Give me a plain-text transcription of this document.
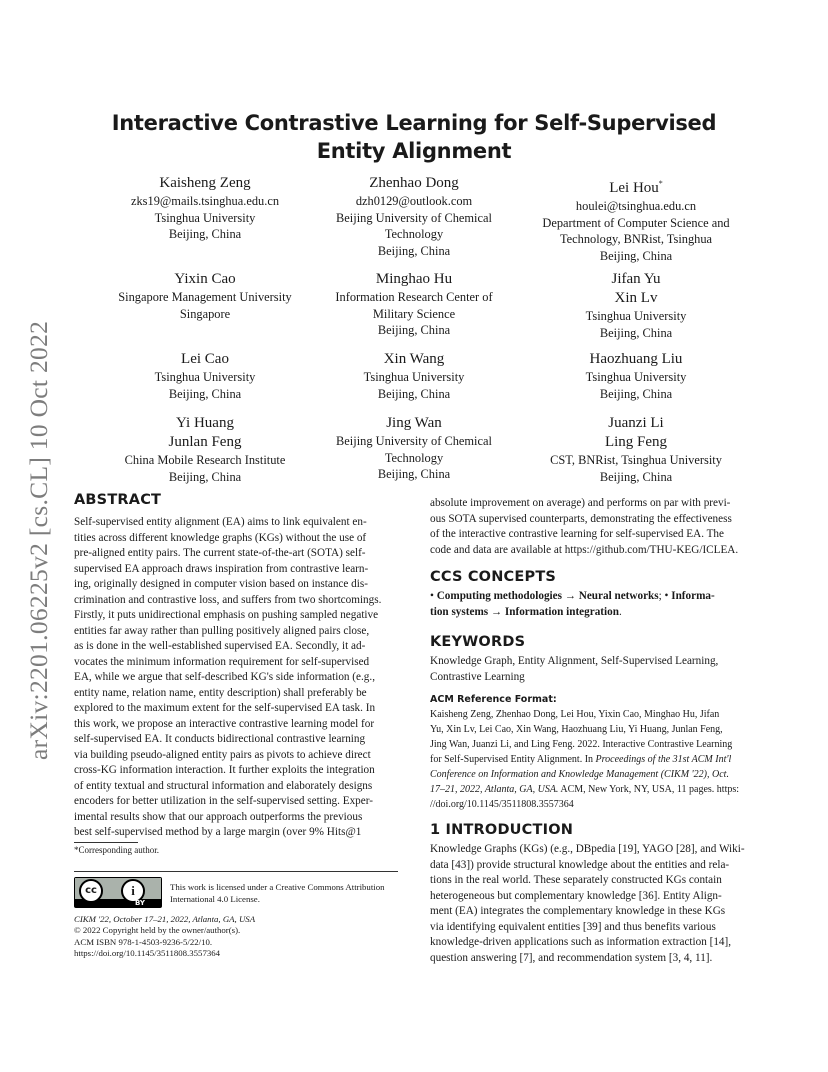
arXiv:2201.06225v2 [cs.CL] 10 Oct 2022
Interactive Contrastive Learning for Self-Supervised
Entity Alignment
Kaisheng Zeng
zks19@mails.tsinghua.edu.cn
Tsinghua University
Beijing, China
Zhenhao Dong
dzh0129@outlook.com
Beijing University of Chemical
Technology
Beijing, China
Lei Hou*
houlei@tsinghua.edu.cn
Department of Computer Science and
Technology, BNRist, Tsinghua
Beijing, China
Yixin Cao
Singapore Management University
Singapore
Minghao Hu
Information Research Center of
Military Science
Beijing, China
Jifan Yu
Xin Lv
Tsinghua University
Beijing, China
Lei Cao
Tsinghua University
Beijing, China
Xin Wang
Tsinghua University
Beijing, China
Haozhuang Liu
Tsinghua University
Beijing, China
Yi Huang
Junlan Feng
China Mobile Research Institute
Beijing, China
Jing Wan
Beijing University of Chemical
Technology
Beijing, China
Juanzi Li
Ling Feng
CST, BNRist, Tsinghua University
Beijing, China
ABSTRACT
Self-supervised entity alignment (EA) aims to link equivalent en-
tities across different knowledge graphs (KGs) without the use of
pre-aligned entity pairs. The current state-of-the-art (SOTA) self-
supervised EA approach draws inspiration from contrastive learn-
ing, originally designed in computer vision based on instance dis-
crimination and contrastive loss, and suffers from two shortcomings.
Firstly, it puts unidirectional emphasis on pushing sampled negative
entities far away rather than pulling positively aligned pairs close,
as is done in the well-established supervised EA. Secondly, it ad-
vocates the minimum information requirement for self-supervised
EA, while we argue that self-described KG's side information (e.g.,
entity name, relation name, entity description) shall preferably be
explored to the maximum extent for the self-supervised EA task. In
this work, we propose an interactive contrastive learning model for
self-supervised EA. It conducts bidirectional contrastive learning
via building pseudo-aligned entity pairs as pivots to achieve direct
cross-KG information interaction. It further exploits the integration
of entity textual and structural information and elaborately designs
encoders for better utilization in the self-supervised setting. Exper-
imental results show that our approach outperforms the previous
best self-supervised method by a large margin (over 9% Hits@1
*Corresponding author.
cc	i
BY
This work is licensed under a Creative Commons Attribution
International 4.0 License.
CIKM '22, October 17–21, 2022, Atlanta, GA, USA
© 2022 Copyright held by the owner/author(s).
ACM ISBN 978-1-4503-9236-5/22/10.
https://doi.org/10.1145/3511808.3557364
absolute improvement on average) and performs on par with previ-
ous SOTA supervised counterparts, demonstrating the effectiveness
of the interactive contrastive learning for self-supervised EA. The
code and data are available at https://github.com/THU-KEG/ICLEA.
CCS CONCEPTS
• Computing methodologies → Neural networks; • Informa-
tion systems → Information integration.
KEYWORDS
Knowledge Graph, Entity Alignment, Self-Supervised Learning,
Contrastive Learning
ACM Reference Format:
Kaisheng Zeng, Zhenhao Dong, Lei Hou, Yixin Cao, Minghao Hu, Jifan
Yu, Xin Lv, Lei Cao, Xin Wang, Haozhuang Liu, Yi Huang, Junlan Feng,
Jing Wan, Juanzi Li, and Ling Feng. 2022. Interactive Contrastive Learning
for Self-Supervised Entity Alignment. In Proceedings of the 31st ACM Int'l
Conference on Information and Knowledge Management (CIKM '22), Oct.
17–21, 2022, Atlanta, GA, USA. ACM, New York, NY, USA, 11 pages. https:
//doi.org/10.1145/3511808.3557364
1 INTRODUCTION
Knowledge Graphs (KGs) (e.g., DBpedia [19], YAGO [28], and Wiki-
data [43]) provide structural knowledge about the entities and rela-
tions in the real world. These separately constructed KGs contain
heterogeneous but complementary knowledge [36]. Entity Align-
ment (EA) integrates the complementary knowledge in these KGs
via identifying equivalent entities [39] and thus benefits various
knowledge-driven applications such as information extraction [14],
question answering [7], and recommendation system [3, 4, 11].
